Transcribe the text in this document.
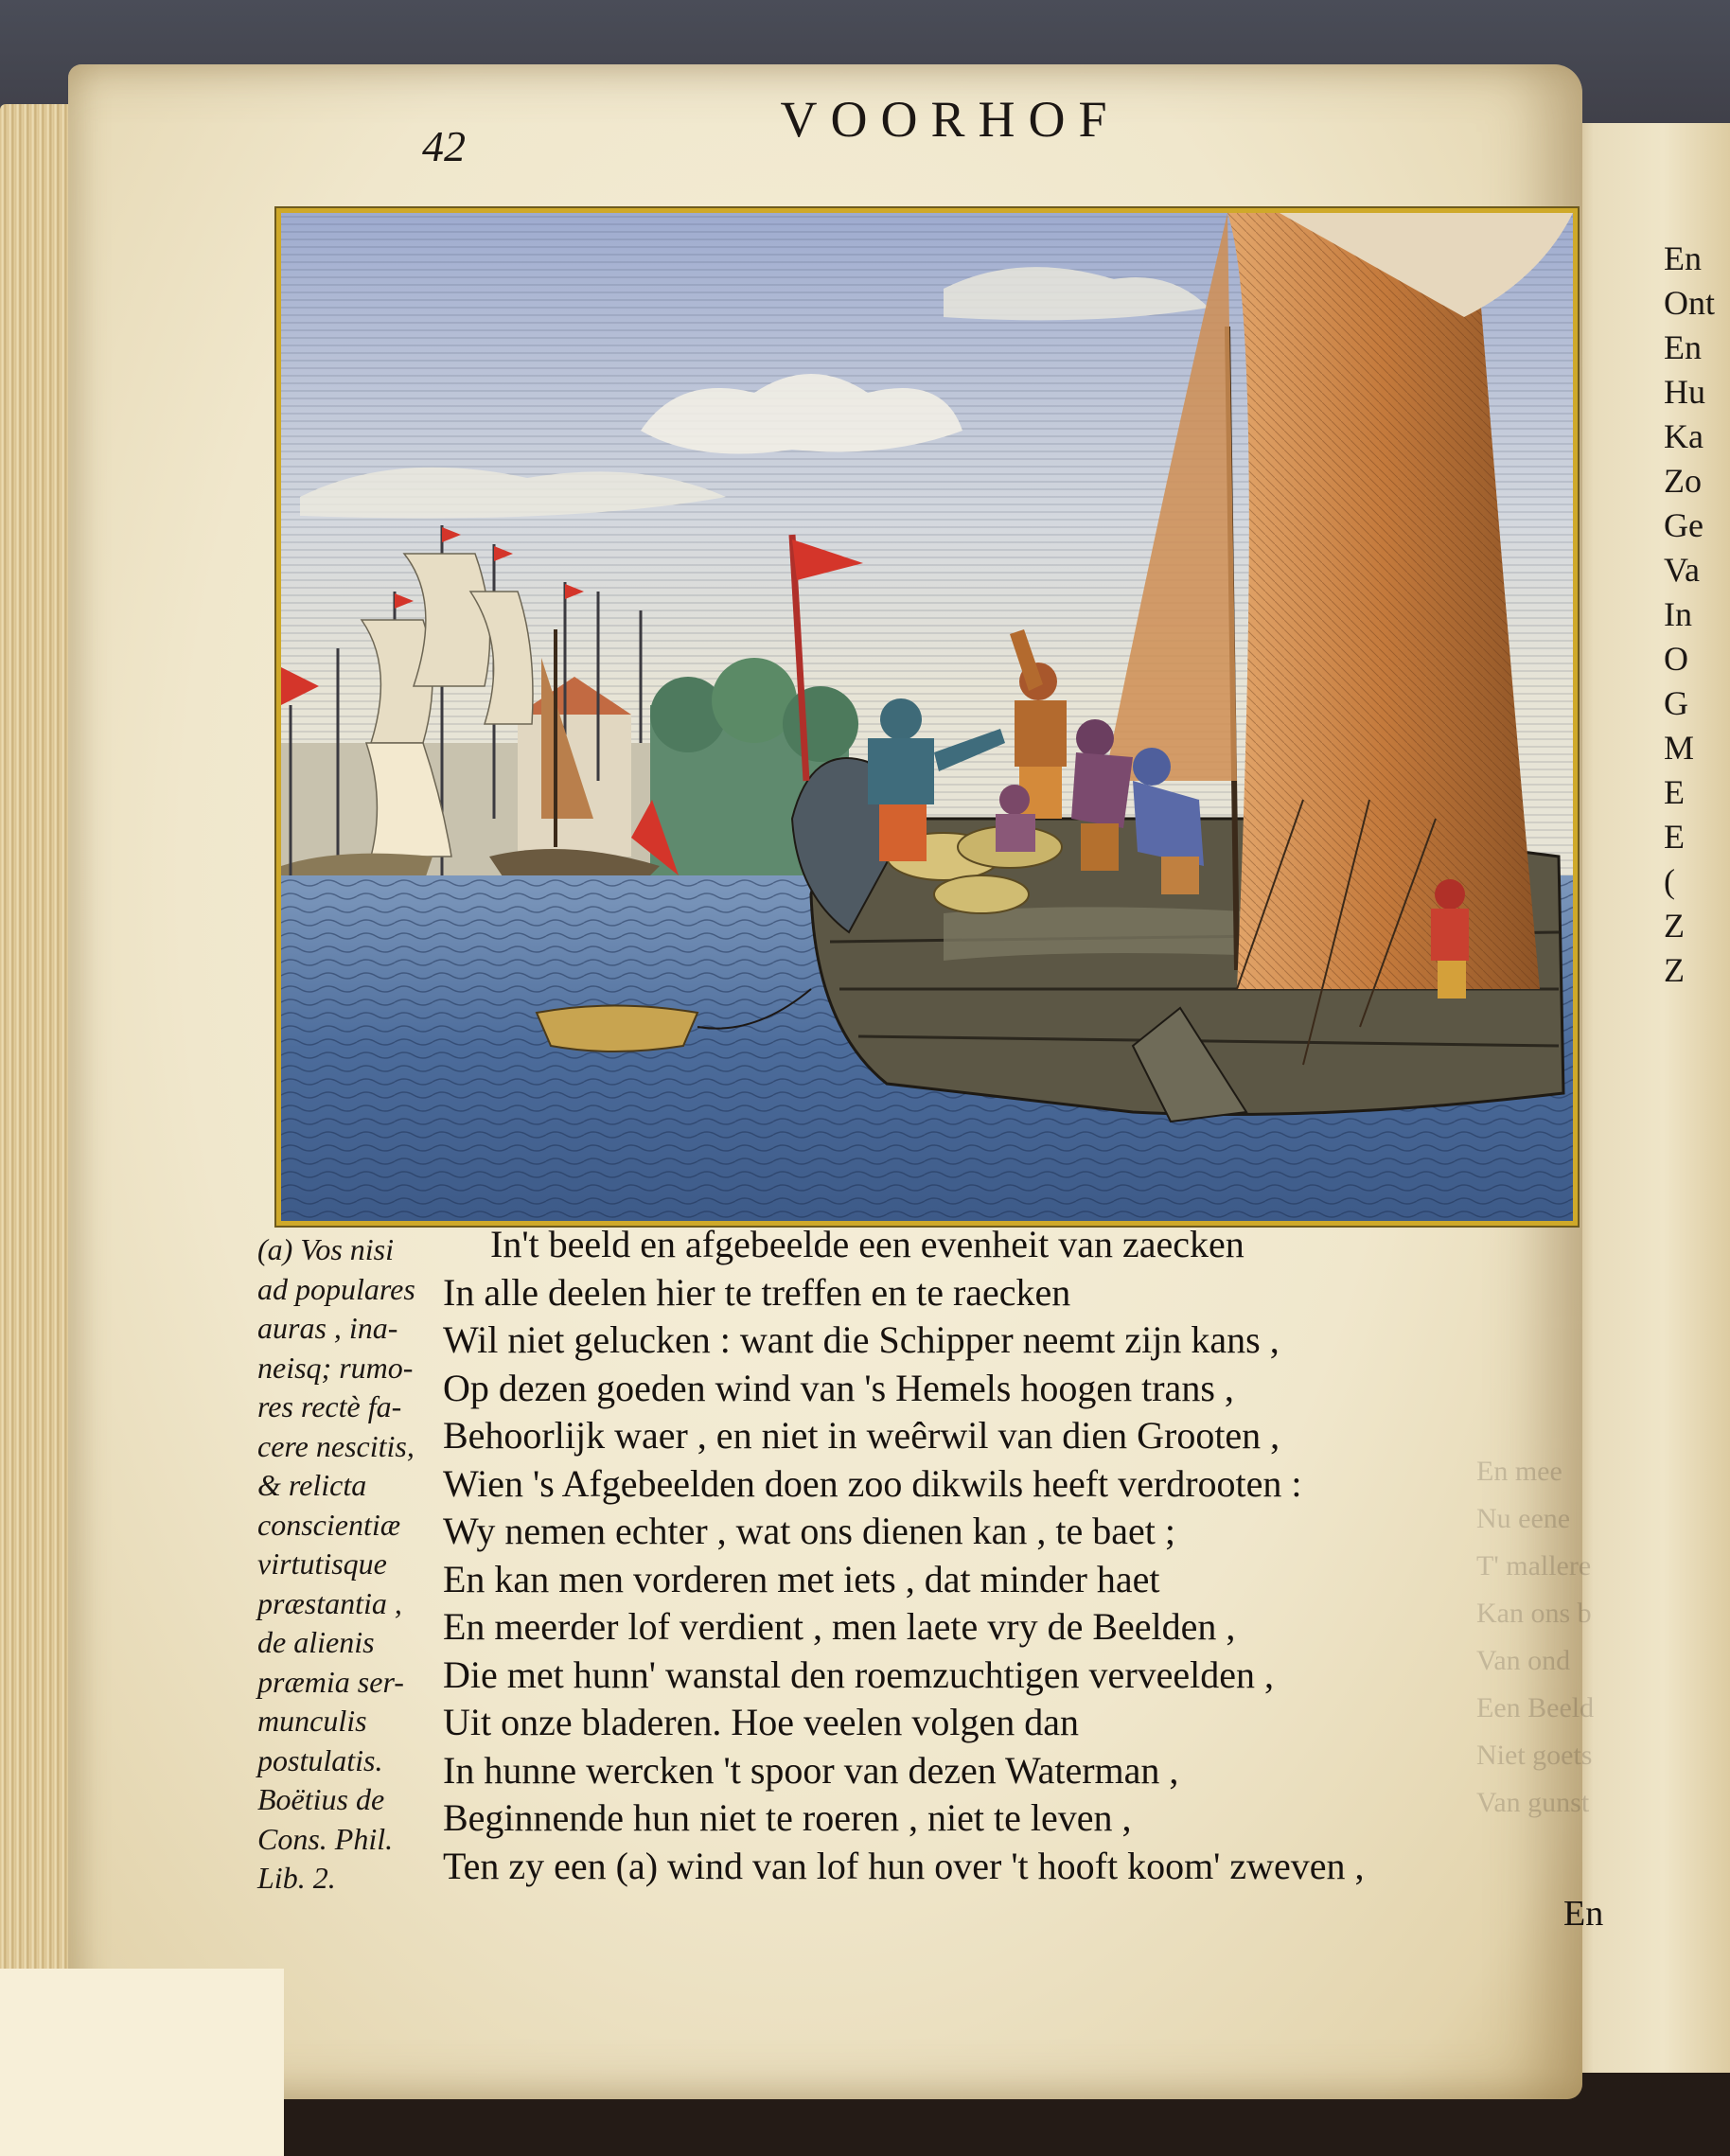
VOORHOF
42
(a) Vos nisi
ad populares
auras , ina-
neisq; rumo-
res rectè fa-
cere nescitis,
& relicta
conscientiæ
virtutisque
præstantia ,
de alienis
præmia ser-
munculis
postulatis.
Boëtius de
Cons. Phil.
Lib. 2.
In't beeld en afgebeelde een evenheit van zaecken
In alle deelen hier te treffen en te raecken
Wil niet gelucken : want die Schipper neemt zijn kans ,
Op dezen goeden wind van 's Hemels hoogen trans ,
Behoorlijk waer , en niet in weêrwil van dien Grooten ,
Wien 's Afgebeelden doen zoo dikwils heeft verdrooten :
Wy nemen echter , wat ons dienen kan , te baet ;
En kan men vorderen met iets , dat minder haet
En meerder lof verdient , men laete vry de Beelden ,
Die met hunn' wanstal den roemzuchtigen verveelden ,
Uit onze bladeren. Hoe veelen volgen dan
In hunne wercken 't spoor van dezen Waterman ,
Beginnende hun niet te roeren , niet te leven ,
Ten zy een (a) wind van lof hun over 't hooft koom' zweven ,
En
En
Ont
En
Hu
Ka
Zo
Ge
Va
In
O
G
M
E
E
(
Z
Z
En mee
Nu eene
T' mallere
Kan ons b
Van ond
Een Beeld
Niet goets
Van gunst
